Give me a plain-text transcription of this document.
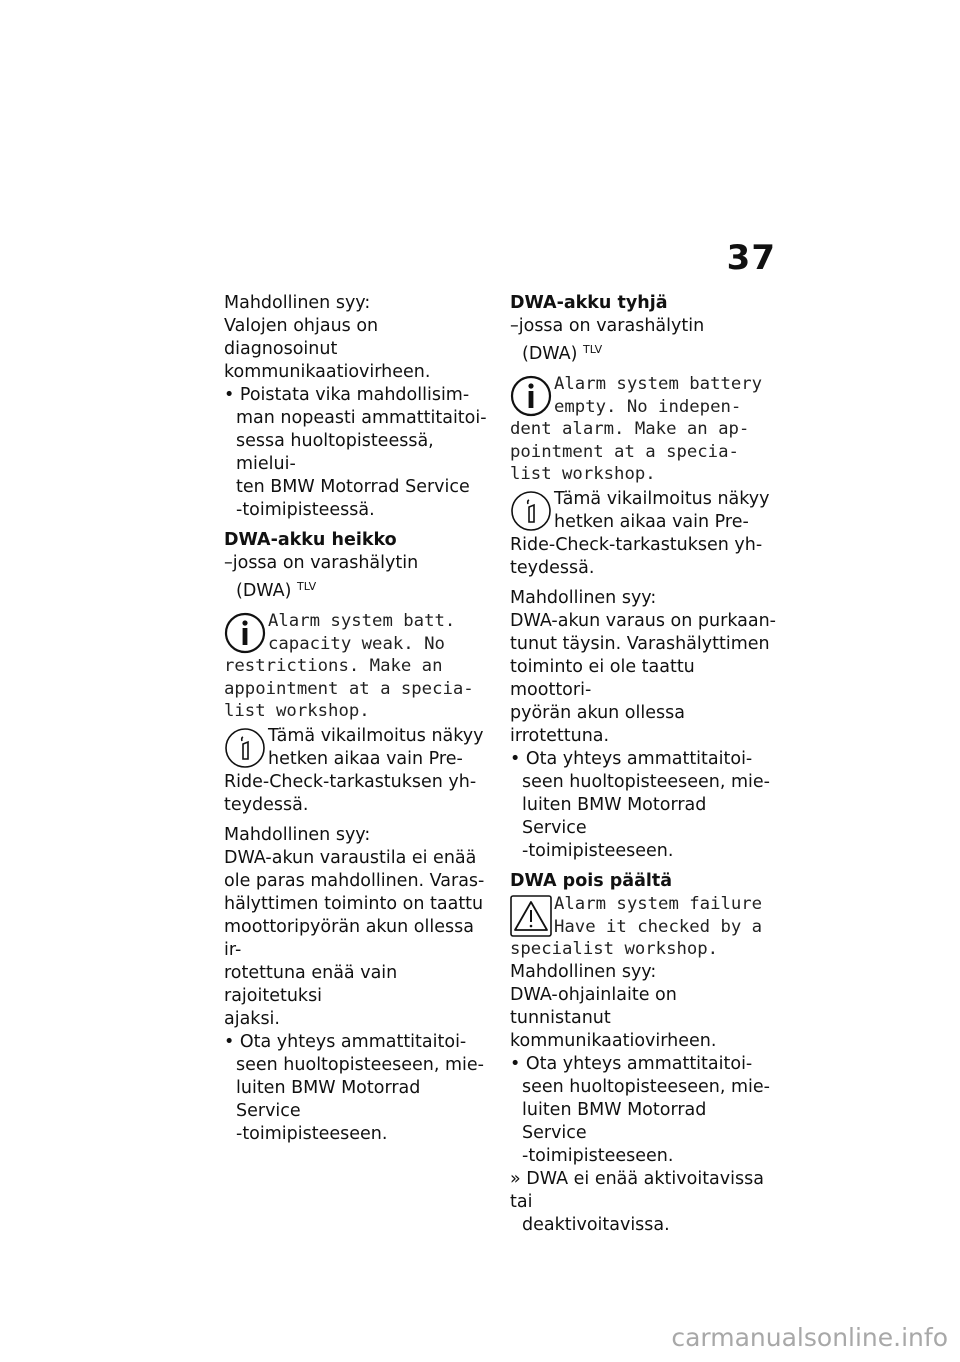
37

Mahdollinen syy:

Valojen ohjaus on diagnosoinut

kommunikaatiovirheen.

• Poistata vika mahdollisim-

man nopeasti ammattitaitoi-

sessa huoltopisteessä, mielui-

ten BMW Motorrad Service

-toimipisteessä.

DWA-akku heikko

–jossa on varashälytin

(DWA) $^{TLV}$

Alarm system batt.

capacity weak. No

restrictions. Make an

appointment at a specia-

list workshop.

Tämä vikailmoitus näkyy

hetken aikaa vain Pre-

Ride-Check-tarkastuksen yh-

teydessä.

Mahdollinen syy:

DWA-akun varaustila ei enää

ole paras mahdollinen. Varas-

hälyttimen toiminto on taattu

moottoripyörän akun ollessa ir-

rotettuna enää vain rajoitetuksi

ajaksi.

• Ota yhteys ammattitaitoi-

seen huoltopisteeseen, mie-

luiten BMW Motorrad Service

-toimipisteeseen.

DWA-akku tyhjä

–jossa on varashälytin

(DWA) $^{TLV}$

Alarm system battery

empty. No indepen-

dent alarm. Make an ap-

pointment at a specia-

list workshop.

Tämä vikailmoitus näkyy

hetken aikaa vain Pre-

Ride-Check-tarkastuksen yh-

teydessä.

Mahdollinen syy:

DWA-akun varaus on purkaan-

tunut täysin. Varashälyttimen

toiminto ei ole taattu moottori-

pyörän akun ollessa irrotettuna.

• Ota yhteys ammattitaitoi-

seen huoltopisteeseen, mie-

luiten BMW Motorrad Service

-toimipisteeseen.

DWA pois päältä

Alarm system failure

Have it checked by a

specialist workshop.

Mahdollinen syy:

DWA-ohjainlaite on tunnistanut

kommunikaatiovirheen.

• Ota yhteys ammattitaitoi-

seen huoltopisteeseen, mie-

luiten BMW Motorrad Service

-toimipisteeseen.

» DWA ei enää aktivoitavissa tai

deaktivoitavissa.

carmanualsonline.info
